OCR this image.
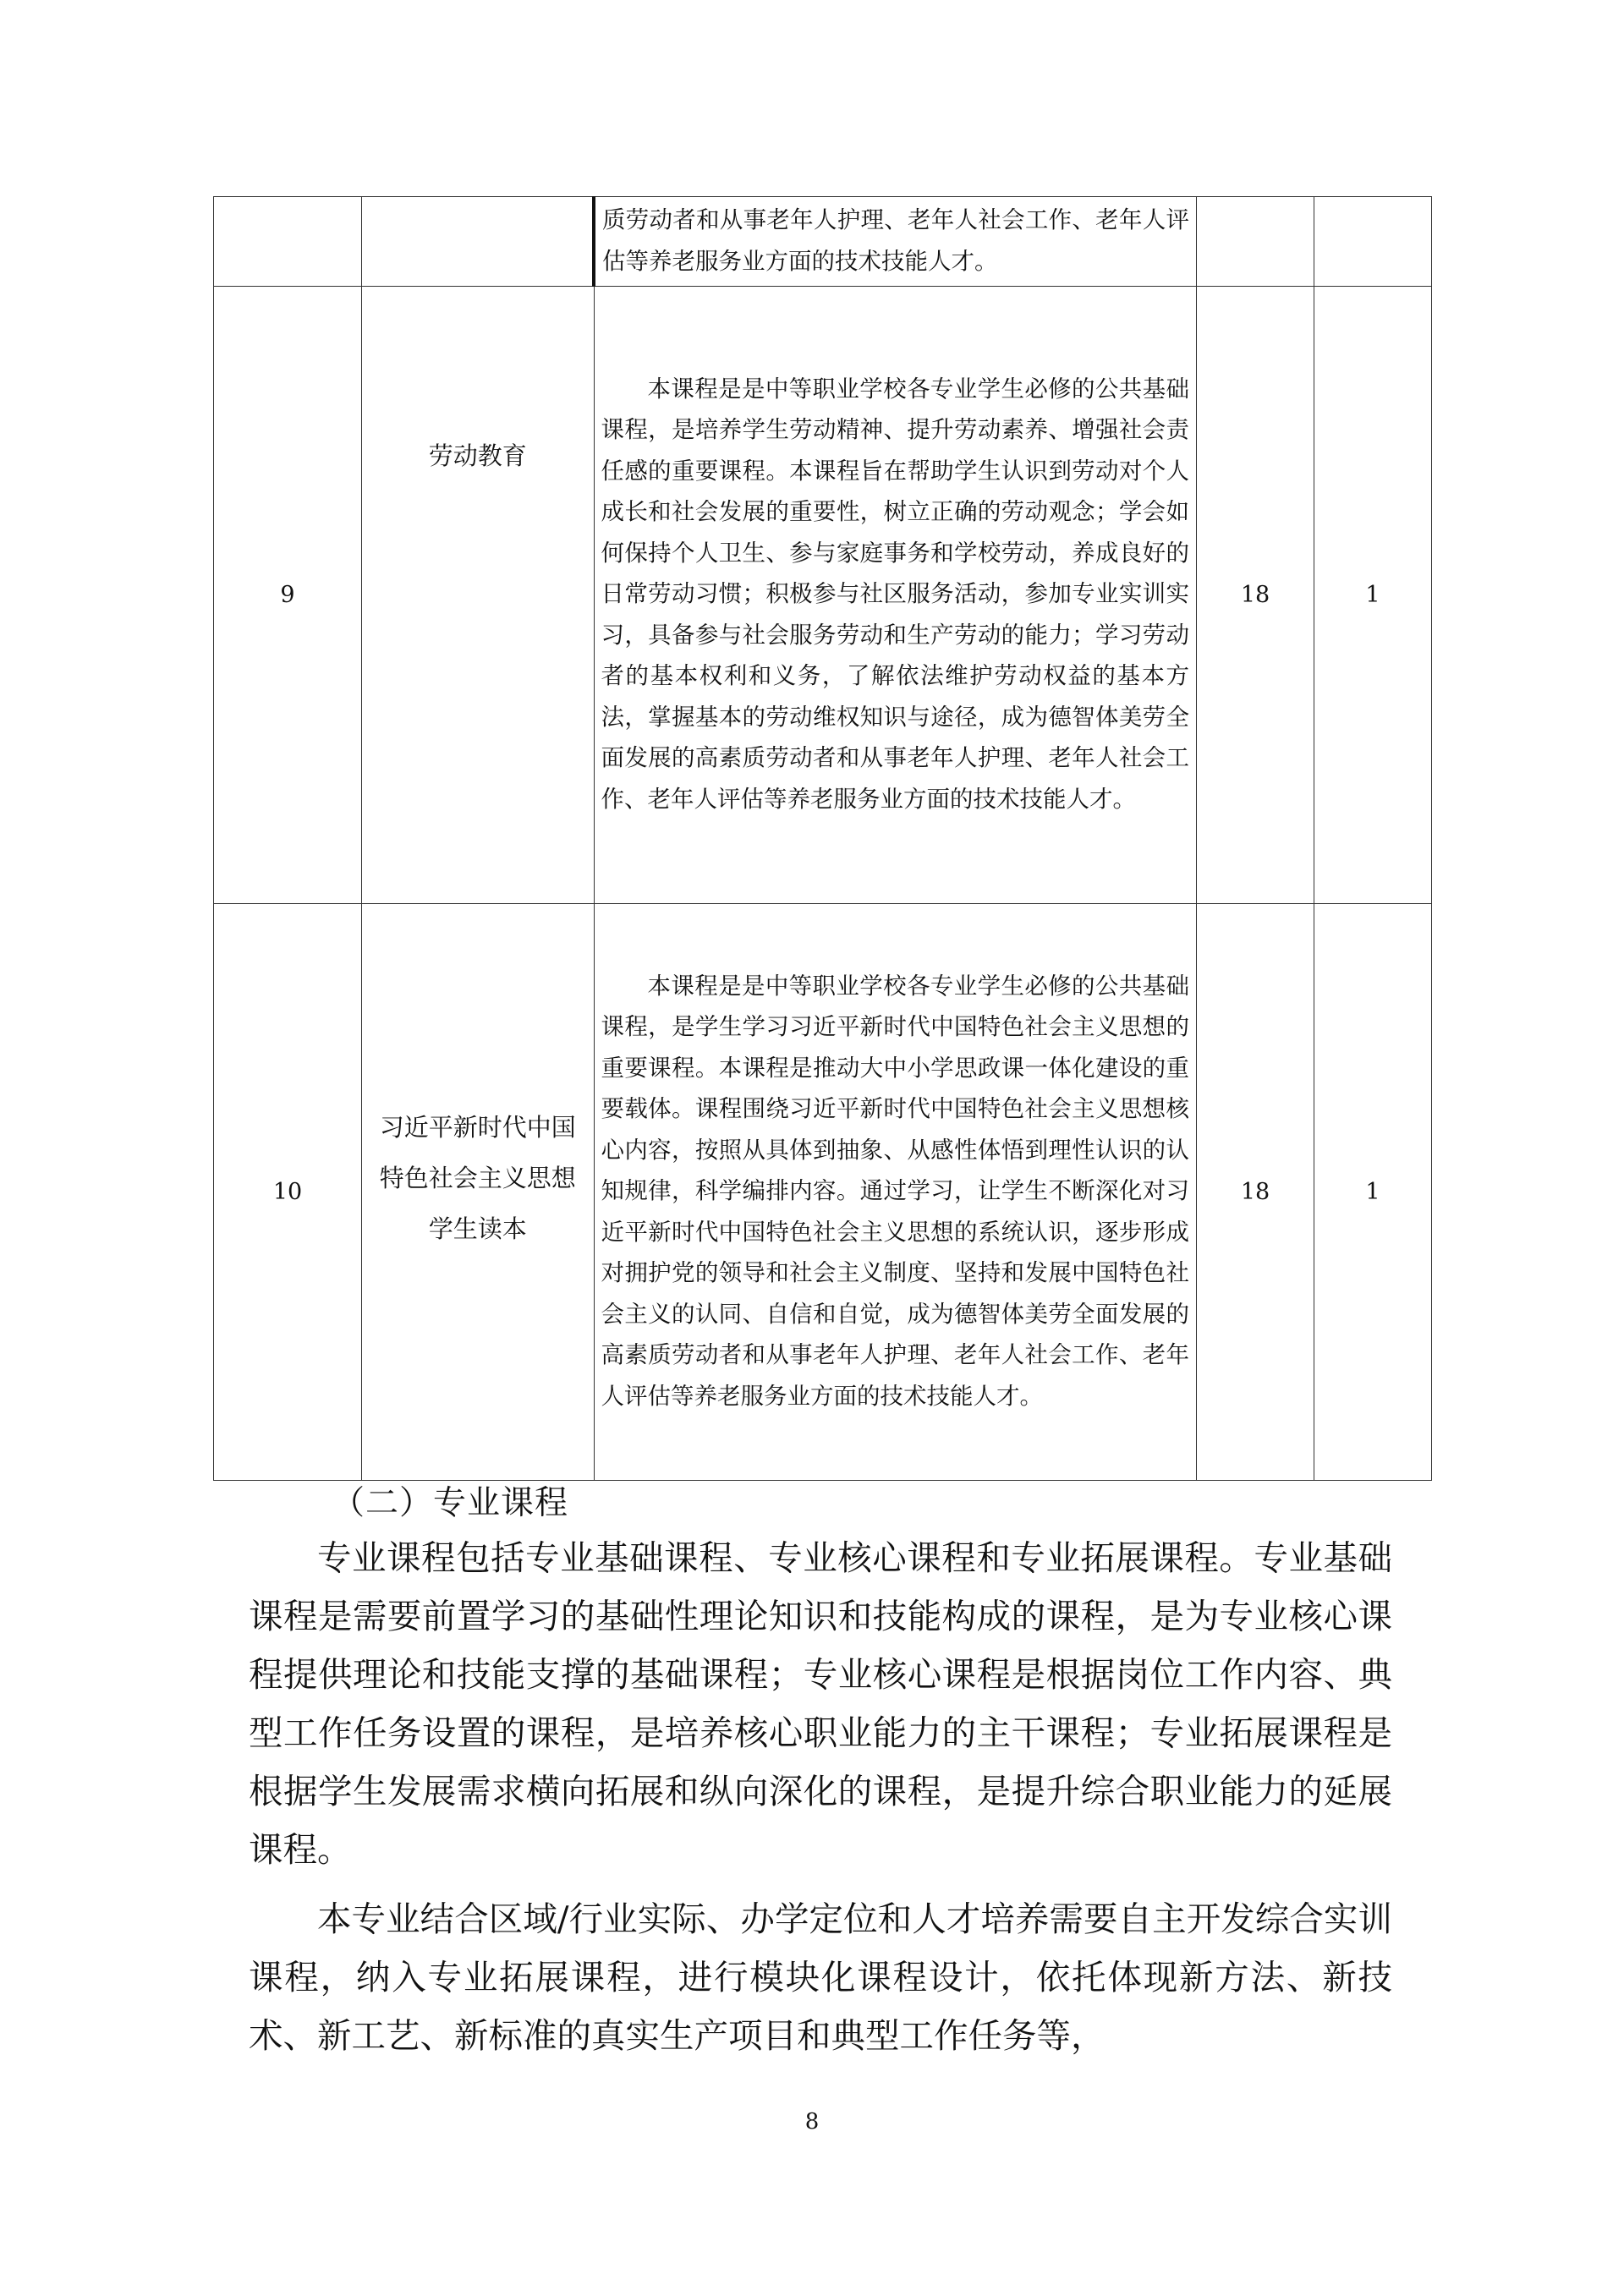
		质劳动者和从事老年人护理、老年人社会工作、老年人评估等养老服务业方面的技术技能人才。		

9	劳动教育	本课程是是中等职业学校各专业学生必修的公共基础课程，是培养学生劳动精神、提升劳动素养、增强社会责任感的重要课程。本课程旨在帮助学生认识到劳动对个人成长和社会发展的重要性，树立正确的劳动观念；学会如何保持个人卫生、参与家庭事务和学校劳动，养成良好的日常劳动习惯；积极参与社区服务活动，参加专业实训实习，具备参与社会服务劳动和生产劳动的能力；学习劳动者的基本权利和义务，了解依法维护劳动权益的基本方法，掌握基本的劳动维权知识与途径，成为德智体美劳全面发展的高素质劳动者和从事老年人护理、老年人社会工作、老年人评估等养老服务业方面的技术技能人才。	18	1
10	习近平新时代中国特色社会主义思想学生读本	本课程是是中等职业学校各专业学生必修的公共基础课程，是学生学习习近平新时代中国特色社会主义思想的重要课程。本课程是推动大中小学思政课一体化建设的重要载体。课程围绕习近平新时代中国特色社会主义思想核心内容，按照从具体到抽象、从感性体悟到理性认识的认知规律，科学编排内容。通过学习，让学生不断深化对习近平新时代中国特色社会主义思想的系统认识，逐步形成对拥护党的领导和社会主义制度、坚持和发展中国特色社会主义的认同、自信和自觉，成为德智体美劳全面发展的高素质劳动者和从事老年人护理、老年人社会工作、老年人评估等养老服务业方面的技术技能人才。	18	1
（二）专业课程

专业课程包括专业基础课程、专业核心课程和专业拓展课程。专业基础课程是需要前置学习的基础性理论知识和技能构成的课程，是为专业核心课程提供理论和技能支撑的基础课程；专业核心课程是根据岗位工作内容、典型工作任务设置的课程，是培养核心职业能力的主干课程；专业拓展课程是根据学生发展需求横向拓展和纵向深化的课程，是提升综合职业能力的延展课程。

本专业结合区域/行业实际、办学定位和人才培养需要自主开发综合实训课程，纳入专业拓展课程，进行模块化课程设计，依托体现新方法、新技术、新工艺、新标准的真实生产项目和典型工作任务等，

8
